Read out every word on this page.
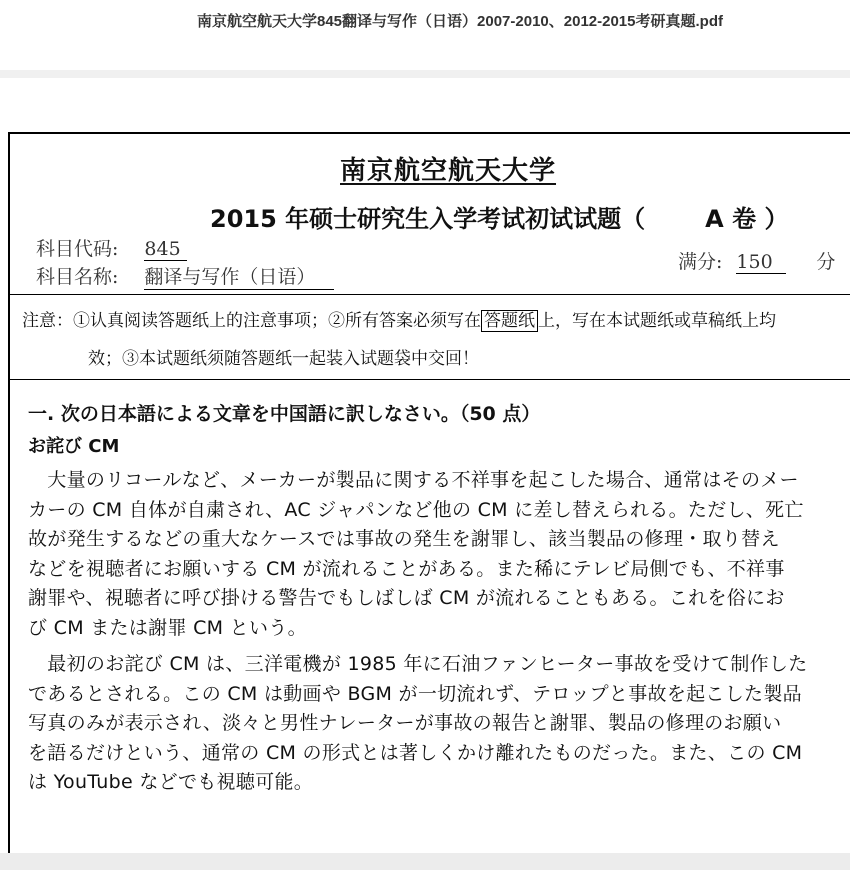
南京航空航天大学845翻译与写作（日语）2007-2010、2012-2015考研真题.pdf
南京航空航天大学
2015 年硕士研究生入学考试初试试题（	A 卷 ）
科目代码: 845
科目名称: 翻译与写作（日语）
满分: 150 分
注意：①认真阅读答题纸上的注意事项；②所有答案必须写在 答题纸 上，写在本试题纸或草稿纸上均
效；③本试题纸须随答题纸一起装入试题袋中交回！
一. 次の日本語による文章を中国語に訳しなさい。（50 点）
お詫び CM
　大量のリコールなど、メーカーが製品に関する不祥事を起こした場合、通常はそのメー
カーの CM 自体が自粛され、AC ジャパンなど他の CM に差し替えられる。ただし、死亡
故が発生するなどの重大なケースでは事故の発生を謝罪し、該当製品の修理・取り替え
などを視聴者にお願いする CM が流れることがある。また稀にテレビ局側でも、不祥事
謝罪や、視聴者に呼び掛ける警告でもしばしば CM が流れることもある。これを俗にお
び CM または謝罪 CM という。
　最初のお詫び CM は、三洋電機が 1985 年に石油ファンヒーター事故を受けて制作した
であるとされる。この CM は動画や BGM が一切流れず、テロップと事故を起こした製品
写真のみが表示され、淡々と男性ナレーターが事故の報告と謝罪、製品の修理のお願い
を語るだけという、通常の CM の形式とは著しくかけ離れたものだった。また、この CM
は YouTube などでも視聴可能。
